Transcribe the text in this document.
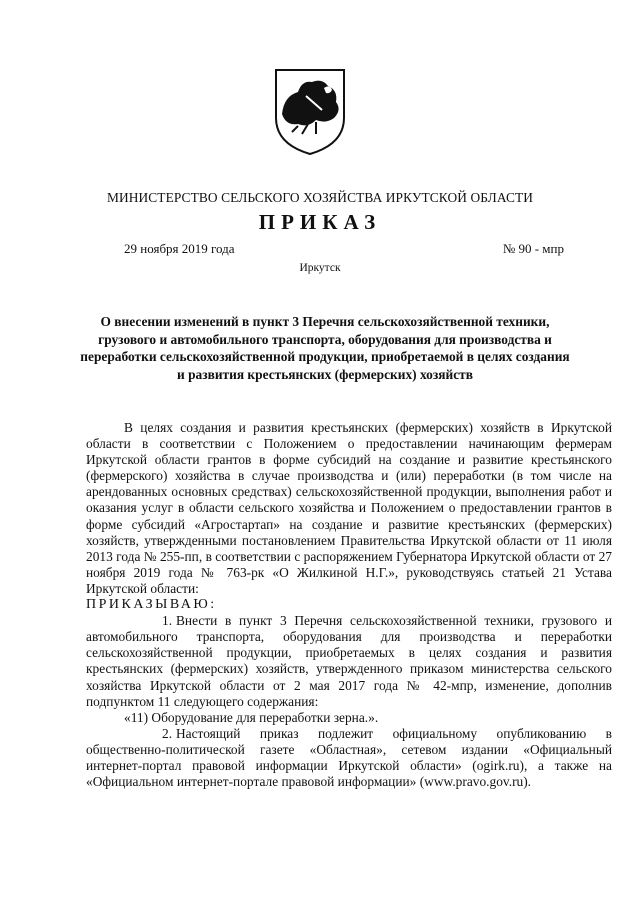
МИНИСТЕРСТВО СЕЛЬСКОГО ХОЗЯЙСТВА ИРКУТСКОЙ ОБЛАСТИ
ПРИКАЗ
29 ноября 2019 года	№ 90 - мпр
Иркутск
О внесении изменений в пункт 3 Перечня сельскохозяйственной техники, грузового и автомобильного транспорта, оборудования для производства и переработки сельскохозяйственной продукции, приобретаемой в целях создания и развития крестьянских (фермерских) хозяйств

В целях создания и развития крестьянских (фермерских) хозяйств в Иркутской области в соответствии с Положением о предоставлении начинающим фермерам Иркутской области грантов в форме субсидий на создание и развитие крестьянского (фермерского) хозяйства в случае производства и (или) переработки (в том числе на арендованных основных средствах) сельскохозяйственной продукции, выполнения работ и оказания услуг в области сельского хозяйства и Положением о предоставлении грантов в форме субсидий «Агростартап» на создание и развитие крестьянских (фермерских) хозяйств, утвержденными постановлением Правительства Иркутской области от 11 июля 2013 года № 255-пп, в соответствии с распоряжением Губернатора Иркутской области от 27 ноября 2019 года № 763-рк «О Жилкиной Н.Г.», руководствуясь статьей 21 Устава Иркутской области:

ПРИКАЗЫВАЮ:

1. Внести в пункт 3 Перечня сельскохозяйственной техники, грузового и автомобильного транспорта, оборудования для производства и переработки сельскохозяйственной продукции, приобретаемых в целях создания и развития крестьянских (фермерских) хозяйств, утвержденного приказом министерства сельского хозяйства Иркутской области от 2 мая 2017 года № 42-мпр, изменение, дополнив подпунктом 11 следующего содержания:

«11) Оборудование для переработки зерна.».

2. Настоящий приказ подлежит официальному опубликованию в общественно-политической газете «Областная», сетевом издании «Официальный интернет-портал правовой информации Иркутской области» (ogirk.ru), а также на «Официальном интернет-портале правовой информации» (www.pravo.gov.ru).
